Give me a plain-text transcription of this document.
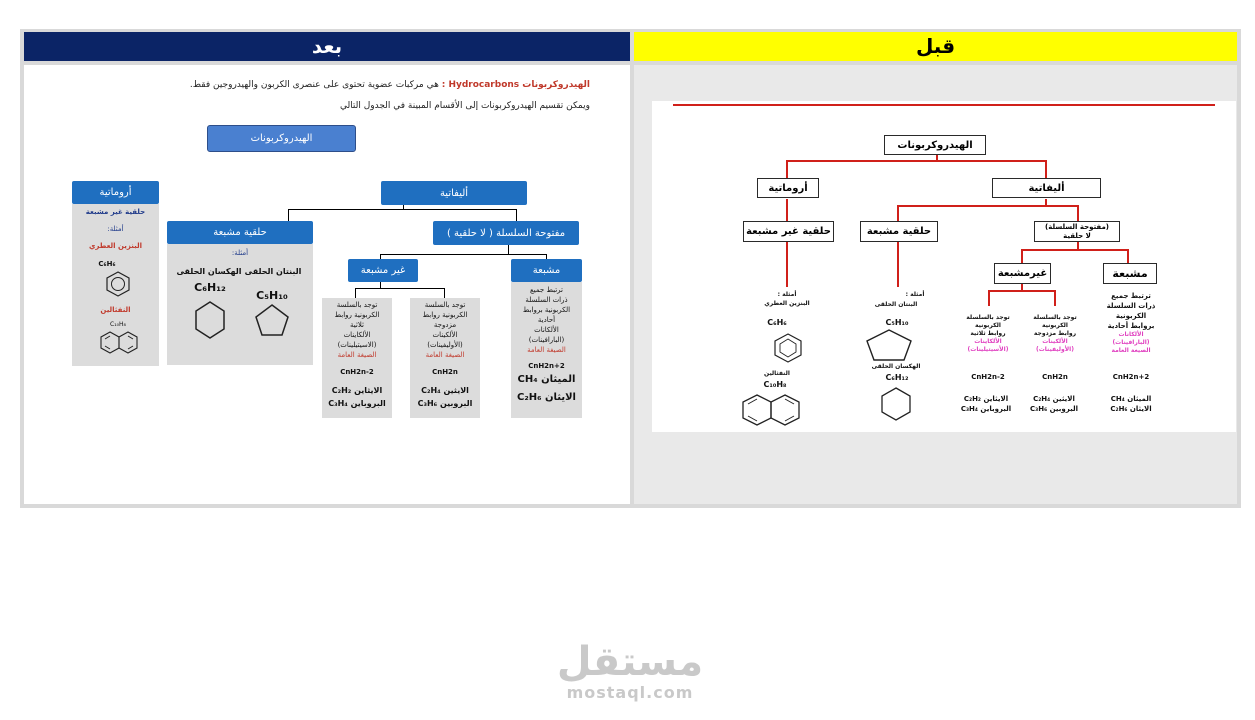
بعد	قبل
الهيدروكربونات Hydrocarbons : هي مركبات عضوية تحتوى على عنصرى الكربون والهيدروجين فقط.
ويمكن تقسيم الهيدروكربونات إلى الأقسام المبينة في الجدول التالي
الهيدروكربونات
أليفاتية
أروماتية
مفتوحة السلسلة ( لا حلقية )
حلقية مشبعة
غير مشبعة	مشبعة
حلقية غير مشبعة
أمثلة:
البنزين العطري
C₆H₆
النفثالين
C₁₀H₈
أمثلة:
البنتان الحلقى
الهكسان الحلقى
C₅H₁₀
C₆H₁₂
توجد بالسلسة
الكربونية روابط
ثلاثية
الألكاينات
(الاسيتيلينات)
الصيغة العامة
CnH2n-2
الايثاين C₂H₂
البروباين C₃H₄
توجد بالسلسة
الكربونية روابط
مزدوجة
الألكينات
(الأوليفينات)
الصيغة العامة
CnH2n
الايثين C₂H₄
البروبين C₃H₆
ترتبط جميع
ذرات السلسلة
الكربونية بروابط
أحادية
الألكانات
(البارافينات)
الصيغة العامة
CnH2n+2
الميثان CH₄
الايثان C₂H₆
الهيدروكربونات
أروماتية	أليفاتية
حلقية غير مشبعة	حلقية مشبعة	(مفتوحة السلسلة)
لا حلقية
غيرمشبعة	مشبعة
أمثلة :
البنزين العطري
C₆H₆
النفثالين
C₁₀H₈
أمثلة :
البنتان الحلقى
C₅H₁₀
الهكسان الحلقى
C₆H₁₂
توجد بالسلسلة
الكربونية
روابط ثلاثية
الألكاينات
(الأسيتيلينات)
CnH2n-2
الايثاين C₂H₂
البروباين C₃H₄
توجد بالسلسلة
الكربونية
روابط مزدوجة
الألكينات
(الأوليفينات)
CnH2n
الايثين C₂H₄
البروبين C₃H₆
ترتبط جميع
ذرات السلسلة
الكربونية
بروابط أحادية
الألكانات
(البارافينات)
الصيغة العامة
CnH2n+2
الميثان CH₄
الايثان C₂H₆
مستقل
mostaql.com
